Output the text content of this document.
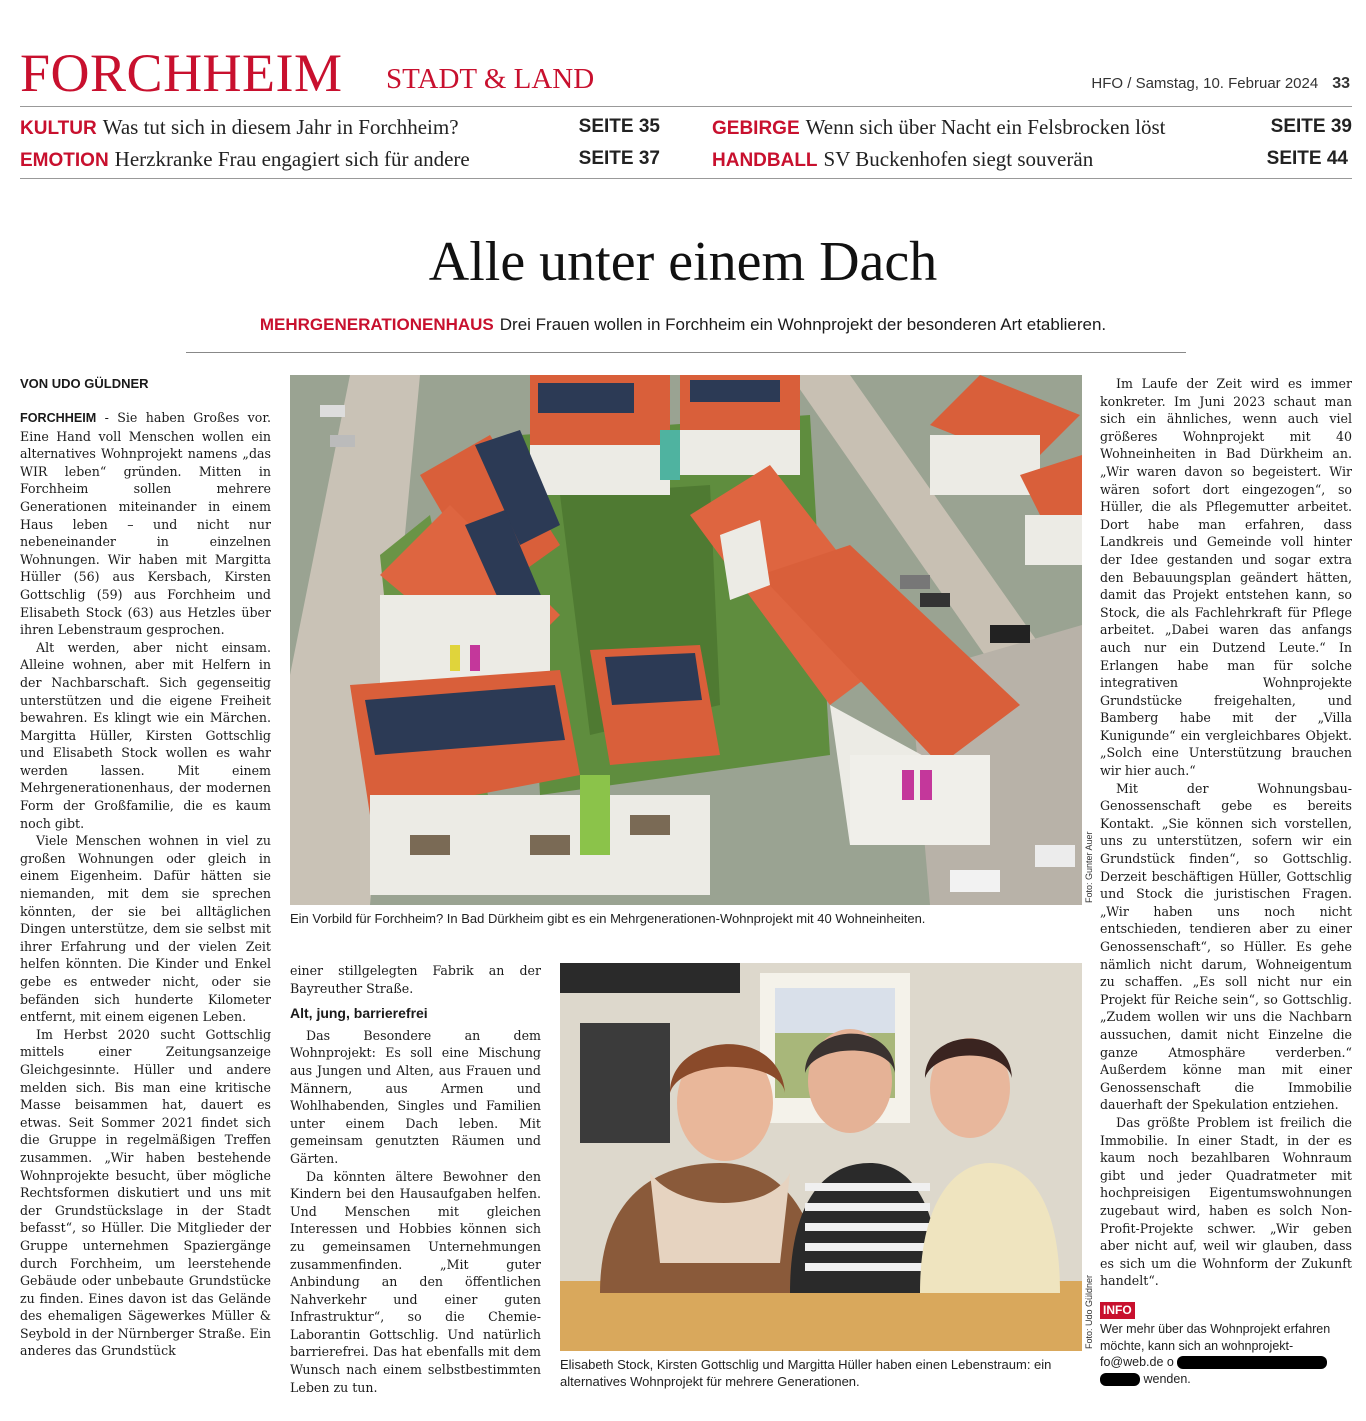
FORCHHEIM STADT & LAND	HFO / Samstag, 10. Februar 2024 33
KULTUR Was tut sich in diesem Jahr in Forchheim?	SEITE 35	GEBIRGE Wenn sich über Nacht ein Felsbrocken löst	SEITE 39
EMOTION Herzkranke Frau engagiert sich für andere	SEITE 37	HANDBALL SV Buckenhofen siegt souverän	SEITE 44
Alle unter einem Dach
MEHRGENERATIONENHAUS Drei Frauen wollen in Forchheim ein Wohnprojekt der besonderen Art etablieren.
VON UDO GÜLDNER

FORCHHEIM - Sie haben Großes vor. Eine Hand voll Menschen wollen ein alternatives Wohnprojekt namens „das WIR leben“ gründen. Mitten in Forchheim sollen mehrere Generationen miteinander in einem Haus leben – und nicht nur nebeneinander in einzelnen Wohnungen. Wir haben mit Margitta Hüller (56) aus Kersbach, Kirsten Gottschlig (59) aus Forchheim und Elisabeth Stock (63) aus Hetzles über ihren Lebenstraum gesprochen.

Alt werden, aber nicht einsam. Alleine wohnen, aber mit Helfern in der Nachbarschaft. Sich gegenseitig unterstützen und die eigene Freiheit bewahren. Es klingt wie ein Märchen. Margitta Hüller, Kirsten Gottschlig und Elisabeth Stock wollen es wahr werden lassen. Mit einem Mehrgenerationenhaus, der modernen Form der Großfamilie, die es kaum noch gibt.

Viele Menschen wohnen in viel zu großen Wohnungen oder gleich in einem Eigenheim. Dafür hätten sie niemanden, mit dem sie sprechen könnten, der sie bei alltäglichen Dingen unterstütze, dem sie selbst mit ihrer Erfahrung und der vielen Zeit helfen könnten. Die Kinder und Enkel gebe es entweder nicht, oder sie befänden sich hunderte Kilometer entfernt, mit einem eigenen Leben.

Im Herbst 2020 sucht Gottschlig mittels einer Zeitungsanzeige Gleichgesinnte. Hüller und andere melden sich. Bis man eine kritische Masse beisammen hat, dauert es etwas. Seit Sommer 2021 findet sich die Gruppe in regelmäßigen Treffen zusammen. „Wir haben bestehende Wohnprojekte besucht, über mögliche Rechtsformen diskutiert und uns mit der Grundstückslage in der Stadt befasst“, so Hüller. Die Mitglieder der Gruppe unternehmen Spaziergänge durch Forchheim, um leerstehende Gebäude oder unbebaute Grundstücke zu finden. Eines davon ist das Gelände des ehemaligen Sägewerkes Müller & Seybold in der Nürnberger Straße. Ein anderes das Grundstück

Foto: Gunter Auer
Ein Vorbild für Forchheim? In Bad Dürkheim gibt es ein Mehrgenerationen-Wohnprojekt mit 40 Wohneinheiten.

einer stillgelegten Fabrik an der Bayreuther Straße.

Alt, jung, barrierefrei

Das Besondere an dem Wohnprojekt: Es soll eine Mischung aus Jungen und Alten, aus Frauen und Männern, aus Armen und Wohlhabenden, Singles und Familien unter einem Dach leben. Mit gemeinsam genutzten Räumen und Gärten.

Da könnten ältere Bewohner den Kindern bei den Hausaufgaben helfen. Und Menschen mit gleichen Interessen und Hobbies können sich zu gemeinsamen Unternehmungen zusammenfinden. „Mit guter Anbindung an den öffentlichen Nahverkehr und einer guten Infrastruktur“, so die Chemie-Laborantin Gottschlig. Und natürlich barrierefrei. Das hat ebenfalls mit dem Wunsch nach einem selbstbestimmten Leben zu tun.

Foto: Udo Güldner
Elisabeth Stock, Kirsten Gottschlig und Margitta Hüller haben einen Lebenstraum: ein alternatives Wohnprojekt für mehrere Generationen.

Im Laufe der Zeit wird es immer konkreter. Im Juni 2023 schaut man sich ein ähnliches, wenn auch viel größeres Wohnprojekt mit 40 Wohneinheiten in Bad Dürkheim an. „Wir waren davon so begeistert. Wir wären sofort dort eingezogen“, so Hüller, die als Pflegemutter arbeitet. Dort habe man erfahren, dass Landkreis und Gemeinde voll hinter der Idee gestanden und sogar extra den Bebauungsplan geändert hätten, damit das Projekt entstehen kann, so Stock, die als Fachlehrkraft für Pflege arbeitet. „Dabei waren das anfangs auch nur ein Dutzend Leute.“ In Erlangen habe man für solche integrativen Wohnprojekte Grundstücke freigehalten, und Bamberg habe mit der „Villa Kunigunde“ ein vergleichbares Objekt. „Solch eine Unterstützung brauchen wir hier auch.“

Mit der Wohnungsbau-Genossenschaft gebe es bereits Kontakt. „Sie können sich vorstellen, uns zu unterstützen, sofern wir ein Grundstück finden“, so Gottschlig. Derzeit beschäftigen Hüller, Gottschlig und Stock die juristischen Fragen. „Wir haben uns noch nicht entschieden, tendieren aber zu einer Genossenschaft“, so Hüller. Es gehe nämlich nicht darum, Wohneigentum zu schaffen. „Es soll nicht nur ein Projekt für Reiche sein“, so Gottschlig. „Zudem wollen wir uns die Nachbarn aussuchen, damit nicht Einzelne die ganze Atmosphäre verderben.“ Außerdem könne man mit einer Genossenschaft die Immobilie dauerhaft der Spekulation entziehen.

Das größte Problem ist freilich die Immobilie. In einer Stadt, in der es kaum noch bezahlbaren Wohnraum gibt und jeder Quadratmeter mit hochpreisigen Eigentumswohnungen zugebaut wird, haben es solch Non-Profit-Projekte schwer. „Wir geben aber nicht auf, weil wir glauben, dass es sich um die Wohnform der Zukunft handelt“.

INFO
Wer mehr über das Wohnprojekt erfahren möchte, kann sich an wohnprojekt-fo@web.de o   wenden.
